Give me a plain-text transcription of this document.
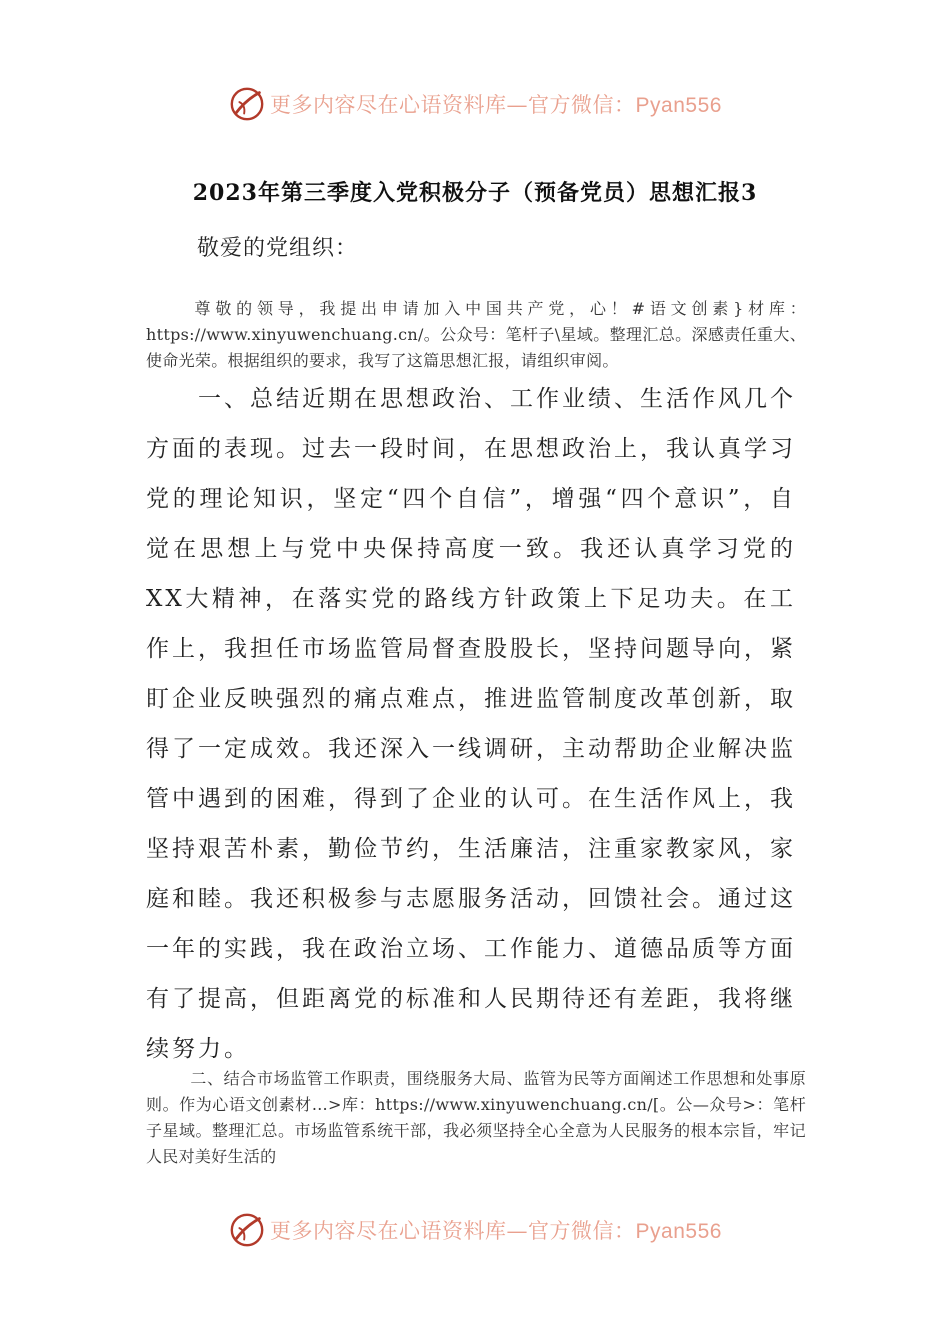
更多内容尽在心语资料库—官方微信：Pyan556
2023年第三季度入党积极分子（预备党员）思想汇报3
敬爱的党组织：
尊敬的领导，我提出申请加入中国共产党，心！#语文创素}材库：https://www.xinyuwenchuang.cn/。公众号：笔杆子\星域。整理汇总。深感责任重大、使命光荣。根据组织的要求，我写了这篇思想汇报，请组织审阅。
一、总结近期在思想政治、工作业绩、生活作风几个方面的表现。过去一段时间，在思想政治上，我认真学习党的理论知识，坚定“四个自信”，增强“四个意识”，自觉在思想上与党中央保持高度一致。我还认真学习党的XX大精神，在落实党的路线方针政策上下足功夫。在工作上，我担任市场监管局督查股股长，坚持问题导向，紧盯企业反映强烈的痛点难点，推进监管制度改革创新，取得了一定成效。我还深入一线调研，主动帮助企业解决监管中遇到的困难，得到了企业的认可。在生活作风上，我坚持艰苦朴素，勤俭节约，生活廉洁，注重家教家风，家庭和睦。我还积极参与志愿服务活动，回馈社会。通过这一年的实践，我在政治立场、工作能力、道德品质等方面有了提高，但距离党的标准和人民期待还有差距，我将继续努力。
二、结合市场监管工作职责，围绕服务大局、监管为民等方面阐述工作思想和处事原则。作为心语文创素材…>库：https://www.xinyuwenchuang.cn/[。公—众号>：笔杆子星域。整理汇总。市场监管系统干部，我必须坚持全心全意为人民服务的根本宗旨，牢记人民对美好生活的
更多内容尽在心语资料库—官方微信：Pyan556
